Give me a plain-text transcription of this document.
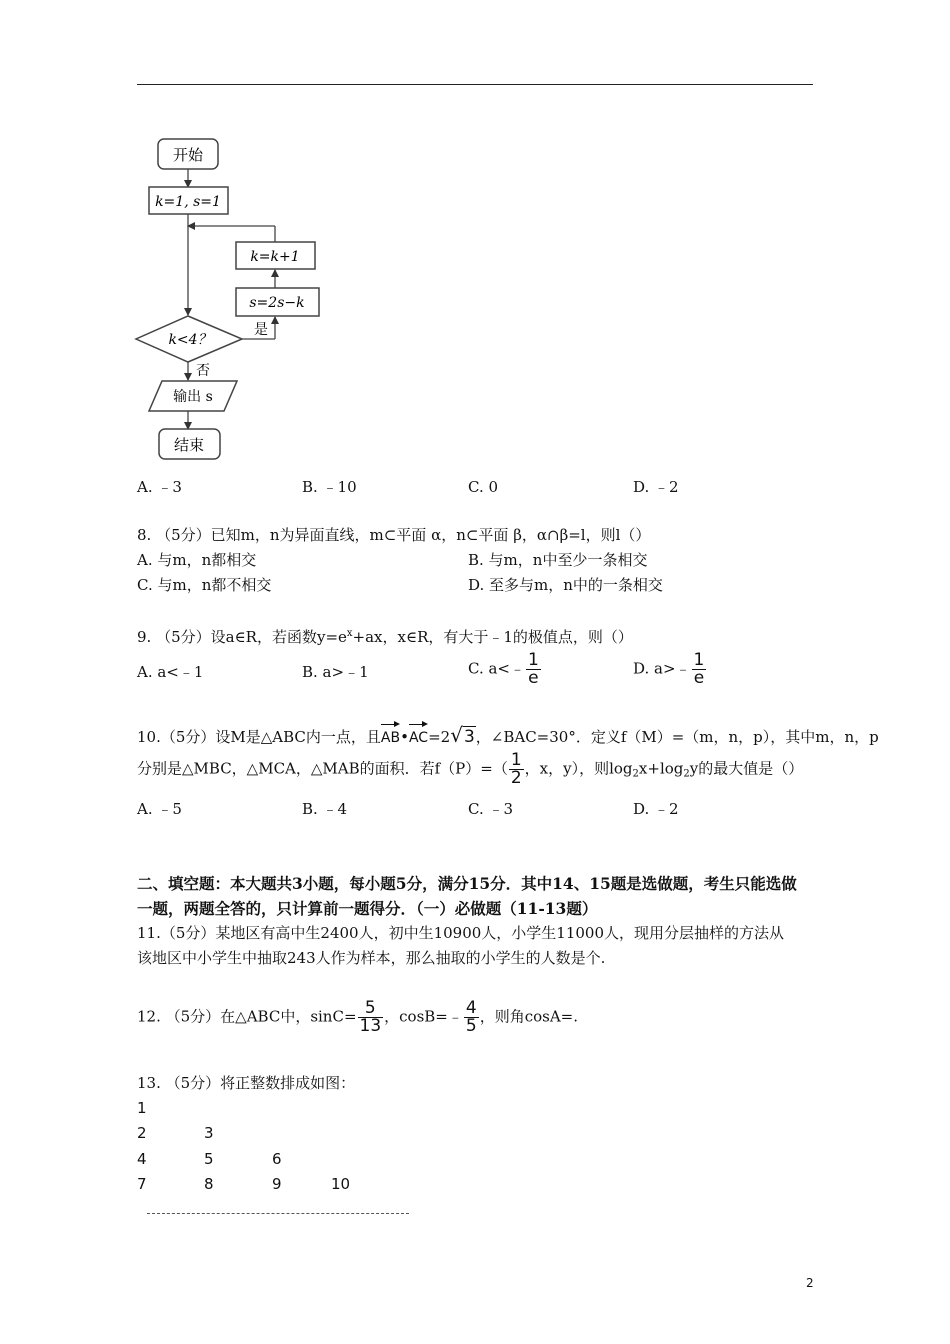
开始
k=1, s=1
k=k+1
s=2s−k
是
k<4？
否
输出 s
结束
A. ﹣3	B. ﹣10	C. 0	D. ﹣2
8. （5分）已知m，n为异面直线，m⊂平面 α，n⊂平面 β，α∩β=l，则l（）
A. 与m，n都相交	B. 与m，n中至少一条相交
C. 与m，n都不相交	D. 至多与m，n中的一条相交
9. （5分）设a∈R，若函数$y=e^x+ax$，x∈R，有大于﹣1的极值点，则（）
A. a<﹣1	B. a>﹣1	C. a<﹣ $\frac{1}{e}$	D. a>﹣ $\frac{1}{e}$
10.（5分）设M是△ABC内一点，且AB•AC=2√3，∠BAC=30°．定义f（M）=（m，n，p），其中m，n，p
分别是△MBC，△MCA，△MAB的面积．若$f(P)=( \frac{1}{2}$ ，x，y），则$\log_2x+\log_2y$的最大值是（）
A. ﹣5	B. ﹣4	C. ﹣3	D. ﹣2
二、填空题：本大题共3小题，每小题5分，满分15分．其中14、15题是选做题，考生只能选做
一题，两题全答的，只计算前一题得分．（一）必做题（11-13题）
11.（5分）某地区有高中生2400人，初中生10900人，小学生11000人，现用分层抽样的方法从
该地区中小学生中抽取243人作为样本，那么抽取的小学生的人数是个.
12. （5分）在△ABC中，$\sin C= \frac{5}{13}$ ，cosB=﹣ $\frac{4}{5}$ ，则角cosA=.
13. （5分）将正整数排成如图：
1
2	3
4	5	6
7	8	9	10
2
